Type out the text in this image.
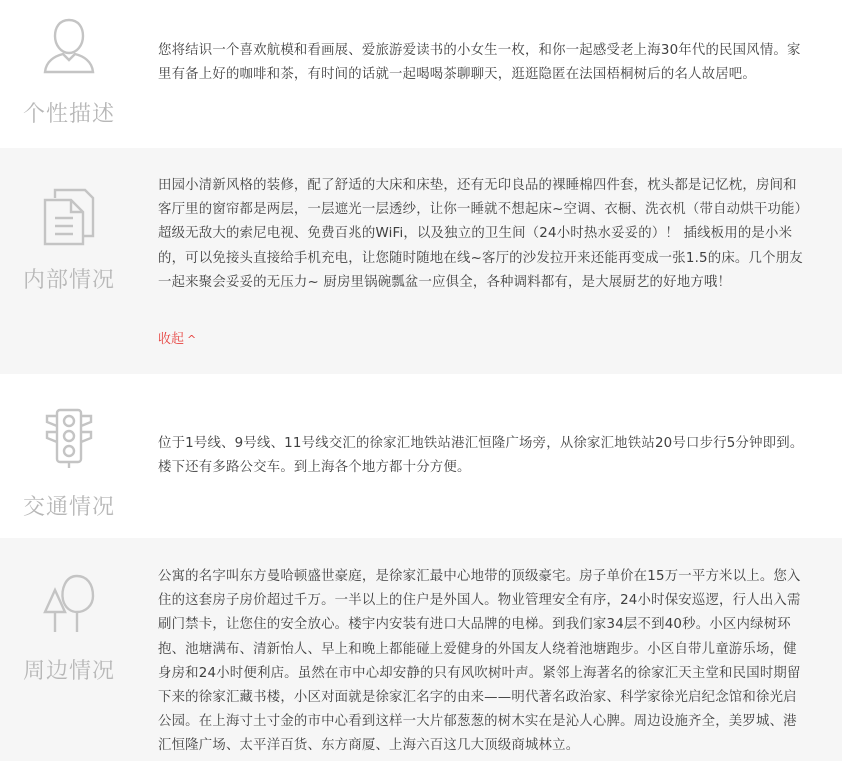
个性描述

您将结识一个喜欢航模和看画展、爱旅游爱读书的小女生一枚，和你一起感受老上海30年代的民国风情。家里有备上好的咖啡和茶，有时间的话就一起喝喝茶聊聊天，逛逛隐匿在法国梧桐树后的名人故居吧。

内部情况

田园小清新风格的装修，配了舒适的大床和床垫，还有无印良品的裸睡棉四件套，枕头都是记忆枕，房间和客厅里的窗帘都是两层，一层遮光一层透纱，让你一睡就不想起床~空调、衣橱、洗衣机（带自动烘干功能）超级无敌大的索尼电视、免费百兆的WiFi，以及独立的卫生间（24小时热水妥妥的）！ 插线板用的是小米的，可以免接头直接给手机充电，让您随时随地在线~客厅的沙发拉开来还能再变成一张1.5的床。几个朋友一起来聚会妥妥的无压力~ 厨房里锅碗瓢盆一应俱全，各种调料都有，是大展厨艺的好地方哦！

收起 ^
交通情况

位于1号线、9号线、11号线交汇的徐家汇地铁站港汇恒隆广场旁，从徐家汇地铁站20号口步行5分钟即到。楼下还有多路公交车。到上海各个地方都十分方便。

周边情况

公寓的名字叫东方曼哈顿盛世豪庭，是徐家汇最中心地带的顶级豪宅。房子单价在15万一平方米以上。您入住的这套房子房价超过千万。一半以上的住户是外国人。物业管理安全有序，24小时保安巡逻，行人出入需刷门禁卡，让您住的安全放心。楼宇内安装有进口大品牌的电梯。到我们家34层不到40秒。小区内绿树环抱、池塘满布、清新怡人、早上和晚上都能碰上爱健身的外国友人绕着池塘跑步。小区自带儿童游乐场，健身房和24小时便利店。虽然在市中心却安静的只有风吹树叶声。紧邻上海著名的徐家汇天主堂和民国时期留下来的徐家汇藏书楼，小区对面就是徐家汇名字的由来——明代著名政治家、科学家徐光启纪念馆和徐光启公园。在上海寸土寸金的市中心看到这样一大片郁葱葱的树木实在是沁人心脾。周边设施齐全，美罗城、港汇恒隆广场、太平洋百货、东方商厦、上海六百这几大顶级商城林立。
